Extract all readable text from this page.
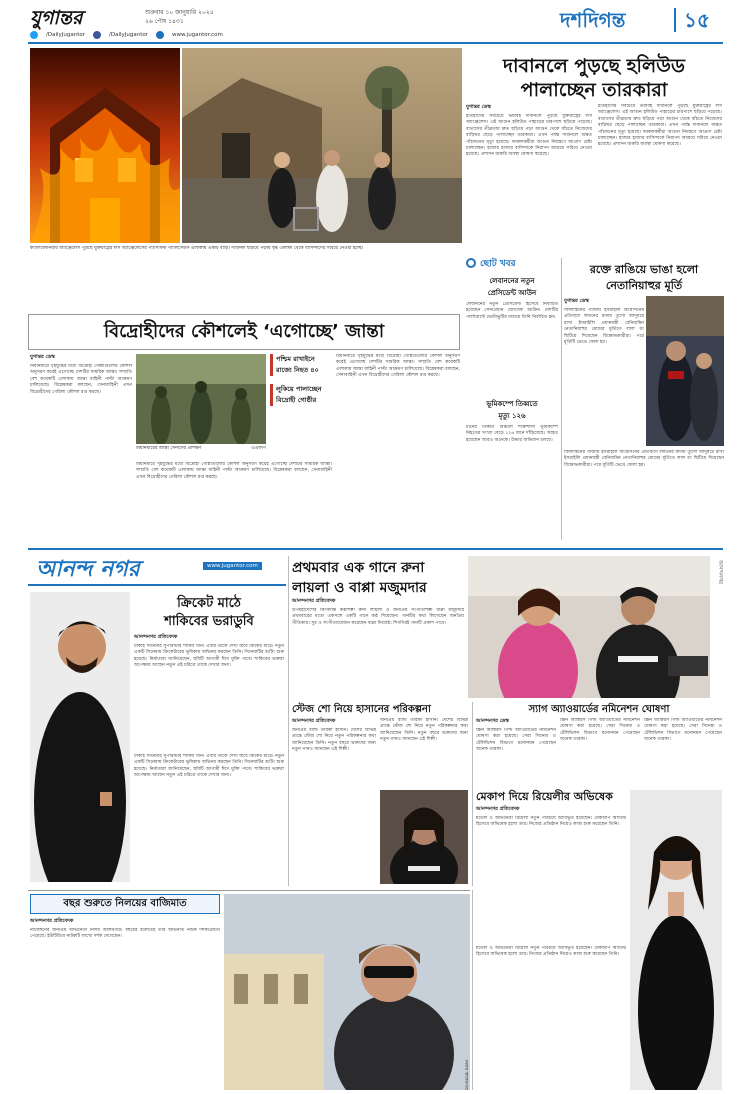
যুগান্তর	শুক্রবার ১০ জানুয়ারি ২০২৫
২৬ পৌষ ১৪৩১
/DailyJugantor	/DailyJugantor	www.jugantor.com
দশদিগন্ত	১৫
ক্যালিফোর্নিয়ায় অ্যাঞ্জেলেস পুড়ছে যুক্তরাষ্ট্রের লস অ্যাঞ্জেলেসের প্যাসিফিক প্যালিসেডস এলাকায় একটি বাড়ি। দাবানল ছড়িয়ে পড়ায় বৃদ্ধ এলাকা থেকে বাসিন্দাদের সরিয়ে নেওয়া হচ্ছে।
দাবানলে পুড়ছে হলিউড
পালাচ্ছেন তারকারা
যুগান্তর ডেস্ক
ইতিহাসের সবচেয়ে ভয়াবহ দাবানলে পুড়ছে যুক্তরাষ্ট্রের লস অ্যাঞ্জেলেস। এই আগুন হলিউড পাহাড়ের চারপাশে ছড়িয়ে পড়েছে। বাতাসের তীব্রতায় দ্রুত ছড়িয়ে পড়া আগুন থেকে বাঁচতে নিজেদের বাড়িঘর ছেড়ে পালাচ্ছেন তারকারা। এখন পর্যন্ত দাবানলে অন্তত পাঁচজনের মৃত্যু হয়েছে। দমকলকর্মীরা আগুন নিয়ন্ত্রণে আপ্রাণ চেষ্টা চালাচ্ছেন। হাজার হাজার বাসিন্দাকে নিরাপদ আশ্রয়ে সরিয়ে নেওয়া হয়েছে। প্রশাসন জরুরি অবস্থা ঘোষণা করেছে।
ইতিহাসের সবচেয়ে ভয়াবহ দাবানলে পুড়ছে যুক্তরাষ্ট্রের লস অ্যাঞ্জেলেস। এই আগুন হলিউড পাহাড়ের চারপাশে ছড়িয়ে পড়েছে। বাতাসের তীব্রতায় দ্রুত ছড়িয়ে পড়া আগুন থেকে বাঁচতে নিজেদের বাড়িঘর ছেড়ে পালাচ্ছেন তারকারা। এখন পর্যন্ত দাবানলে অন্তত পাঁচজনের মৃত্যু হয়েছে। দমকলকর্মীরা আগুন নিয়ন্ত্রণে আপ্রাণ চেষ্টা চালাচ্ছেন। হাজার হাজার বাসিন্দাকে নিরাপদ আশ্রয়ে সরিয়ে নেওয়া হয়েছে। প্রশাসন জরুরি অবস্থা ঘোষণা করেছে।
ছোট খবর
লেবাননের নতুন
প্রেসিডেন্ট আউন
লেবাননের নতুন প্রেসিডেন্ট হিসেবে নির্বাচিত হয়েছেন সেনাপ্রধান জোসেফ আউন। দেশটির পার্লামেন্টে ভোটাভুটির মাধ্যমে তিনি নির্বাচিত হন।
ভূমিকম্পে তিব্বতে
মৃত্যু ১২৬
চীনের তিব্বত অঞ্চলে শক্তিশালী ভূমিকম্পে নিহতের সংখ্যা বেড়ে ১২৬ জনে দাঁড়িয়েছে। আহত হয়েছেন আরও অনেকে। উদ্ধার অভিযান চলছে।
রক্তে রাঙিয়ে ভাঙা হলো নেতানিয়াহুর মূর্তি
যুগান্তর ডেস্ক
ফিলিস্তিনের গাজায় ইসরাইলি আগ্রাসনের প্রতিবাদে লন্ডনের মাদাম তুসো জাদুঘরে রাখা ইসরাইলি প্রধানমন্ত্রী বেনিয়ামিন নেতানিয়াহুর মোমের মূর্তিতে লাল রং ছিটিয়ে দিয়েছেন বিক্ষোভকারীরা। পরে মূর্তিটি ভেঙে ফেলা হয়।
ফিলিস্তিনের গাজায় ইসরাইলি আগ্রাসনের প্রতিবাদে লন্ডনের মাদাম তুসো জাদুঘরে রাখা ইসরাইলি প্রধানমন্ত্রী বেনিয়ামিন নেতানিয়াহুর মোমের মূর্তিতে লাল রং ছিটিয়ে দিয়েছেন বিক্ষোভকারীরা। পরে মূর্তিটি ভেঙে ফেলা হয়।
বিদ্রোহীদের কৌশলেই ‘এগোচ্ছে’ জান্তা
যুগান্তর ডেস্ক
মিয়ানমারে গৃহযুদ্ধের মধ্যে বিদ্রোহী গোষ্ঠীগুলোর কৌশল অনুসরণ করেই এগোচ্ছে দেশটির সামরিক জান্তা। সম্প্রতি বেশ কয়েকটি এলাকায় জান্তা বাহিনী পাল্টা আক্রমণ চালিয়েছে। বিশ্লেষকরা বলছেন, সেনাবাহিনী এখন বিদ্রোহীদের গেরিলা কৌশল রপ্ত করছে।
মিয়ানমারের জান্তা সেনাদের প্রশিক্ষণ	এএফপি
পশ্চিম রাখাইনে
রাজ্যে নিহত ৪০
লুকিয়ে পালাচ্ছেন
বিদ্রোহী গোষ্ঠীর
মিয়ানমারে গৃহযুদ্ধের মধ্যে বিদ্রোহী গোষ্ঠীগুলোর কৌশল অনুসরণ করেই এগোচ্ছে দেশটির সামরিক জান্তা। সম্প্রতি বেশ কয়েকটি এলাকায় জান্তা বাহিনী পাল্টা আক্রমণ চালিয়েছে। বিশ্লেষকরা বলছেন, সেনাবাহিনী এখন বিদ্রোহীদের গেরিলা কৌশল রপ্ত করছে।
মিয়ানমারে গৃহযুদ্ধের মধ্যে বিদ্রোহী গোষ্ঠীগুলোর কৌশল অনুসরণ করেই এগোচ্ছে দেশটির সামরিক জান্তা। সম্প্রতি বেশ কয়েকটি এলাকায় জান্তা বাহিনী পাল্টা আক্রমণ চালিয়েছে। বিশ্লেষকরা বলছেন, সেনাবাহিনী এখন বিদ্রোহীদের গেরিলা কৌশল রপ্ত করছে।
আনন্দ নগর	www.jugantor.com
ক্রিকেট মাঠে
শাকিবের ভরাডুবি
আনন্দনগর প্রতিবেদক
ঢাকাই সিনেমার সুপারস্টার শাকিব খান। এবার তাকে দেখা যাবে ক্রিকেট মাঠে। নতুন একটি সিনেমায় ক্রিকেটারের ভূমিকায় অভিনয় করছেন তিনি। সিনেমাটির শুটিং শুরু হয়েছে। নির্মাতারা জানিয়েছেন, ছবিটি আগামী ঈদে মুক্তি পাবে। শাকিবের ভক্তরা অপেক্ষায় আছেন নতুন এই চরিত্রে তাকে দেখার জন্য।
ঢাকাই সিনেমার সুপারস্টার শাকিব খান। এবার তাকে দেখা যাবে ক্রিকেট মাঠে। নতুন একটি সিনেমায় ক্রিকেটারের ভূমিকায় অভিনয় করছেন তিনি। সিনেমাটির শুটিং শুরু হয়েছে। নির্মাতারা জানিয়েছেন, ছবিটি আগামী ঈদে মুক্তি পাবে। শাকিবের ভক্তরা অপেক্ষায় আছেন নতুন এই চরিত্রে তাকে দেখার জন্য।
প্রথমবার এক গানে রুনা
লায়লা ও বাপ্পা মজুমদার
আনন্দনগর প্রতিবেদক
উপমহাদেশের কিংবদন্তি কণ্ঠশিল্পী রুনা লায়লা ও জনপ্রিয় সংগীতশিল্পী বাপ্পা মজুমদার প্রথমবারের মতো একসঙ্গে একটি গানে কণ্ঠ দিয়েছেন। গানটির কথা লিখেছেন জনপ্রিয় গীতিকার। সুর ও সংগীতায়োজন করেছেন বাপ্পা নিজেই। শিগগিরই গানটি প্রকাশ পাবে।
আনন্দনগর
স্টেজ শো নিয়ে হাসানের পরিকল্পনা
আনন্দনগর প্রতিবেদক
জনপ্রিয় ব্যান্ড তারকা হাসান। দেশের বিভিন্ন প্রান্তে স্টেজ শো নিয়ে নতুন পরিকল্পনার কথা জানিয়েছেন তিনি। নতুন বছরে ভক্তদের জন্য নতুন গানও আনছেন এই শিল্পী।
জনপ্রিয় ব্যান্ড তারকা হাসান। দেশের বিভিন্ন প্রান্তে স্টেজ শো নিয়ে নতুন পরিকল্পনার কথা জানিয়েছেন তিনি। নতুন বছরে ভক্তদের জন্য নতুন গানও আনছেন এই শিল্পী।
স্যাগ অ্যাওয়ার্ডের নমিনেশন ঘোষণা
আনন্দনগর ডেস্ক
স্ক্রিন অ্যাক্টরস গিল্ড অ্যাওয়ার্ডের নমিনেশন ঘোষণা করা হয়েছে। সেরা সিনেমা ও টেলিভিশন বিভাগে মনোনয়ন পেয়েছেন অনেক তারকা।
স্ক্রিন অ্যাক্টরস গিল্ড অ্যাওয়ার্ডের নমিনেশন ঘোষণা করা হয়েছে। সেরা সিনেমা ও টেলিভিশন বিভাগে মনোনয়ন পেয়েছেন অনেক তারকা।
স্ক্রিন অ্যাক্টরস গিল্ড অ্যাওয়ার্ডের নমিনেশন ঘোষণা করা হয়েছে। সেরা সিনেমা ও টেলিভিশন বিভাগে মনোনয়ন পেয়েছেন অনেক তারকা।
মেকাপ দিয়ে রিয়েলীর অভিষেক
আনন্দনগর প্রতিবেদক
মডেল ও অভিনেত্রী রিয়েলী নতুন পরিচয়ে আবির্ভূত হয়েছেন। মেকআপ আর্টিস্ট হিসেবে অভিষেক হলো তার। নিজের প্রতিষ্ঠান নিয়েও কাজ শুরু করেছেন তিনি।
মডেল ও অভিনেত্রী রিয়েলী নতুন পরিচয়ে আবির্ভূত হয়েছেন। মেকআপ আর্টিস্ট হিসেবে অভিষেক হলো তার। নিজের প্রতিষ্ঠান নিয়েও কাজ শুরু করেছেন তিনি।
বছর শুরুতে নিলয়ের বাজিমাত
আনন্দনগর প্রতিবেদক
নাট্যাঙ্গনের জনপ্রিয় অভিনেতা নিলয় আলমগীর। বছরের শুরুতেই তার অভিনীত নাটক দর্শকপ্রিয়তা পেয়েছে। ইউটিউবে নাটকটি লাখো দর্শক দেখেছেন।
নিলয় আলমগীর
